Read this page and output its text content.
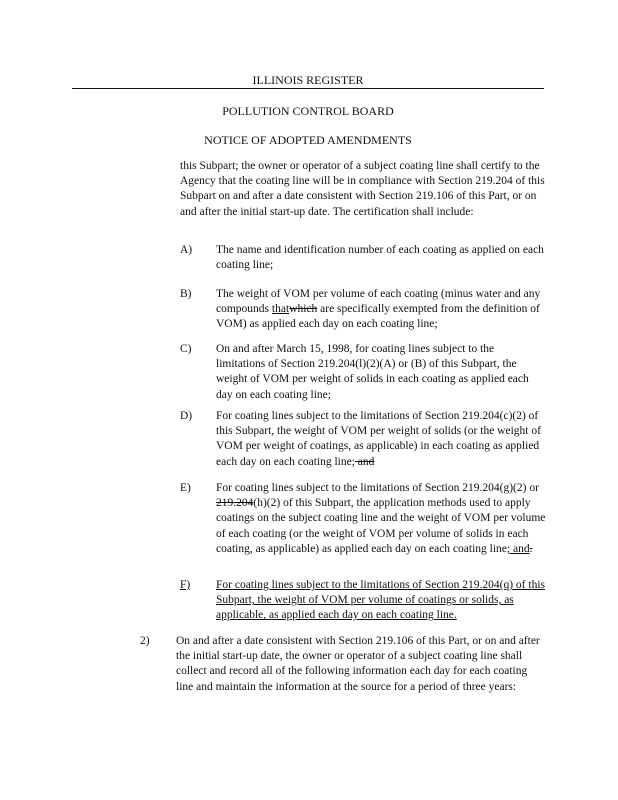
ILLINOIS REGISTER
POLLUTION CONTROL BOARD
NOTICE OF ADOPTED AMENDMENTS
this Subpart; the owner or operator of a subject coating line shall certify to the Agency that the coating line will be in compliance with Section 219.204 of this Subpart on and after a date consistent with Section 219.106 of this Part, or on and after the initial start-up date. The certification shall include:
A)	The name and identification number of each coating as applied on each coating line;
B)	The weight of VOM per volume of each coating (minus water and any compounds thatwhich are specifically exempted from the definition of VOM) as applied each day on each coating line;
C)	On and after March 15, 1998, for coating lines subject to the limitations of Section 219.204(l)(2)(A) or (B) of this Subpart, the weight of VOM per weight of solids in each coating as applied each day on each coating line;
D)	For coating lines subject to the limitations of Section 219.204(c)(2) of this Subpart, the weight of VOM per weight of solids (or the weight of VOM per weight of coatings, as applicable) in each coating as applied each day on each coating line; and
E)	For coating lines subject to the limitations of Section 219.204(g)(2) or 219.204(h)(2) of this Subpart, the application methods used to apply coatings on the subject coating line and the weight of VOM per volume of each coating (or the weight of VOM per volume of solids in each coating, as applicable) as applied each day on each coating line; and.
F)	For coating lines subject to the limitations of Section 219.204(q) of this Subpart, the weight of VOM per volume of coatings or solids, as applicable, as applied each day on each coating line.
2)	On and after a date consistent with Section 219.106 of this Part, or on and after the initial start-up date, the owner or operator of a subject coating line shall collect and record all of the following information each day for each coating line and maintain the information at the source for a period of three years:
